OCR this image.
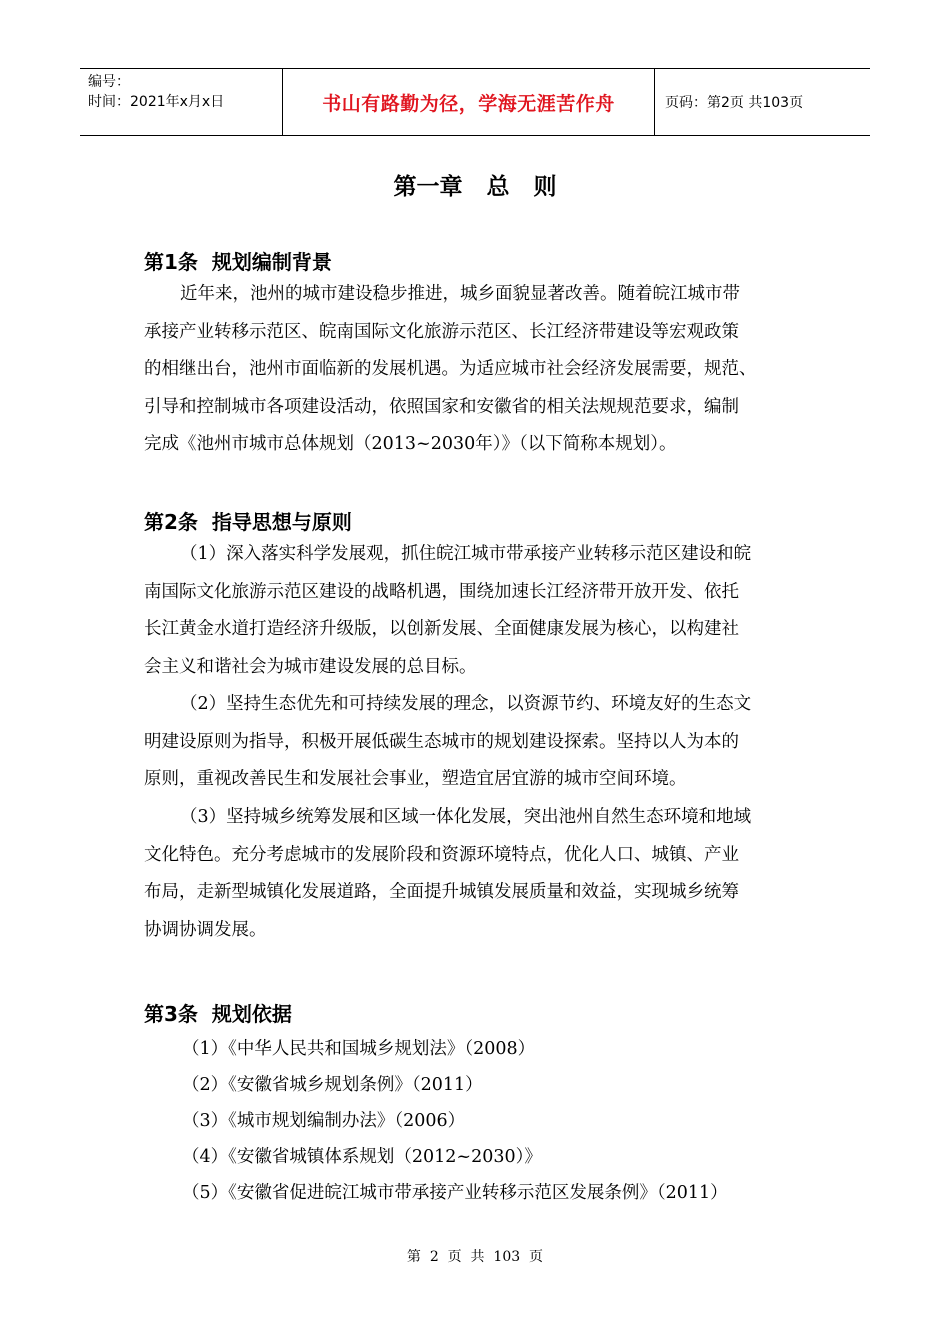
编号：
时间：2021年x月x日	书山有路勤为径，学海无涯苦作舟	页码：第2页 共103页
第一章   总   则
第1条  规划编制背景
近年来，池州的城市建设稳步推进，城乡面貌显著改善。随着皖江城市带
承接产业转移示范区、皖南国际文化旅游示范区、长江经济带建设等宏观政策
的相继出台，池州市面临新的发展机遇。为适应城市社会经济发展需要，规范、
引导和控制城市各项建设活动，依照国家和安徽省的相关法规规范要求，编制
完成《池州市城市总体规划（2013~2030年）》（以下简称本规划）。
第2条  指导思想与原则
（1）深入落实科学发展观，抓住皖江城市带承接产业转移示范区建设和皖
南国际文化旅游示范区建设的战略机遇，围绕加速长江经济带开放开发、依托
长江黄金水道打造经济升级版，以创新发展、全面健康发展为核心，以构建社
会主义和谐社会为城市建设发展的总目标。
（2）坚持生态优先和可持续发展的理念，以资源节约、环境友好的生态文
明建设原则为指导，积极开展低碳生态城市的规划建设探索。坚持以人为本的
原则，重视改善民生和发展社会事业，塑造宜居宜游的城市空间环境。
（3）坚持城乡统筹发展和区域一体化发展，突出池州自然生态环境和地域
文化特色。充分考虑城市的发展阶段和资源环境特点，优化人口、城镇、产业
布局，走新型城镇化发展道路，全面提升城镇发展质量和效益，实现城乡统筹
协调协调发展。
第3条  规划依据
（1）《中华人民共和国城乡规划法》（2008）
（2）《安徽省城乡规划条例》（2011）
（3）《城市规划编制办法》（2006）
（4）《安徽省城镇体系规划（2012~2030）》
（5）《安徽省促进皖江城市带承接产业转移示范区发展条例》（2011）
第  2  页  共  103  页
